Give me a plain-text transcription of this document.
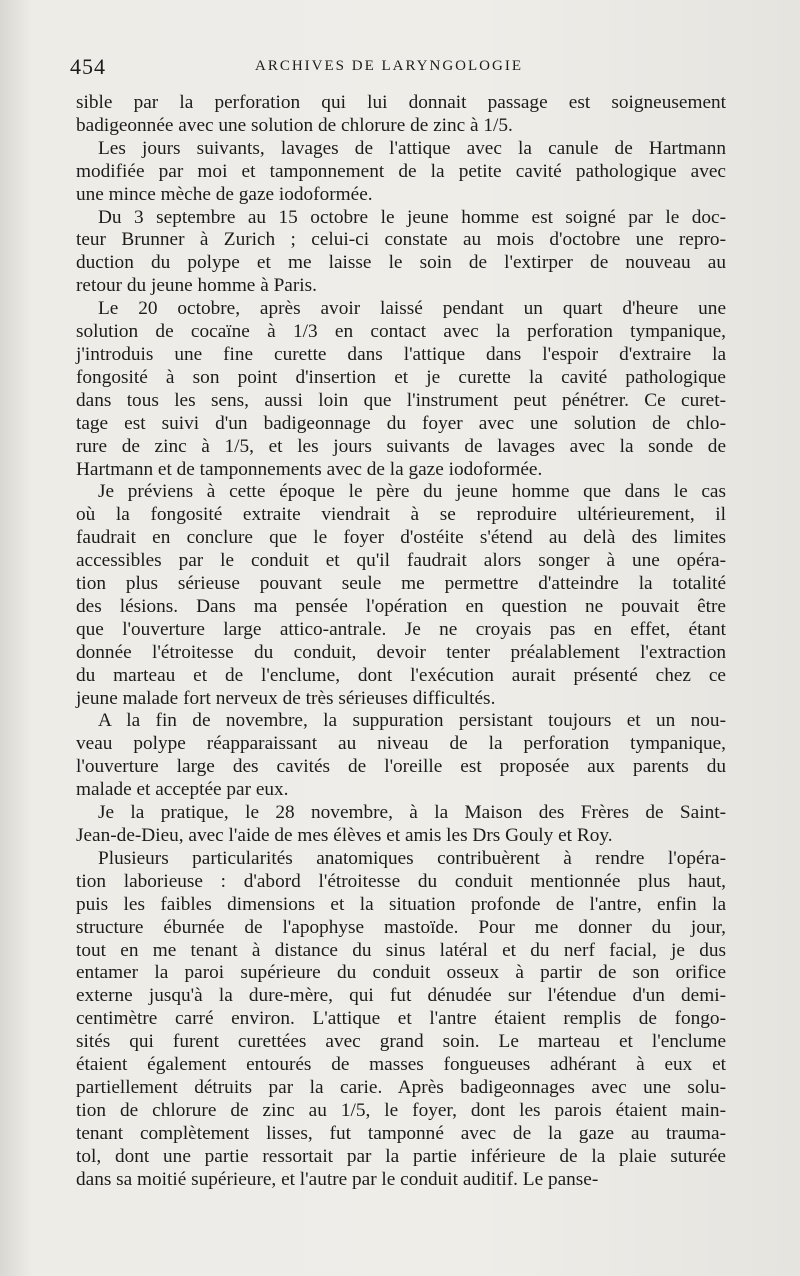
454	ARCHIVES DE LARYNGOLOGIE

sible par la perforation qui lui donnait passage est soigneusement
badigeonnée avec une solution de chlorure de zinc à 1/5.

Les jours suivants, lavages de l'attique avec la canule de Hartmann
modifiée par moi et tamponnement de la petite cavité pathologique avec
une mince mèche de gaze iodoformée.

Du 3 septembre au 15 octobre le jeune homme est soigné par le doc-
teur Brunner à Zurich ; celui-ci constate au mois d'octobre une repro-
duction du polype et me laisse le soin de l'extirper de nouveau au
retour du jeune homme à Paris.

Le 20 octobre, après avoir laissé pendant un quart d'heure une
solution de cocaïne à 1/3 en contact avec la perforation tympanique,
j'introduis une fine curette dans l'attique dans l'espoir d'extraire la
fongosité à son point d'insertion et je curette la cavité pathologique
dans tous les sens, aussi loin que l'instrument peut pénétrer. Ce curet-
tage est suivi d'un badigeonnage du foyer avec une solution de chlo-
rure de zinc à 1/5, et les jours suivants de lavages avec la sonde de
Hartmann et de tamponnements avec de la gaze iodoformée.

Je préviens à cette époque le père du jeune homme que dans le cas
où la fongosité extraite viendrait à se reproduire ultérieurement, il
faudrait en conclure que le foyer d'ostéite s'étend au delà des limites
accessibles par le conduit et qu'il faudrait alors songer à une opéra-
tion plus sérieuse pouvant seule me permettre d'atteindre la totalité
des lésions. Dans ma pensée l'opération en question ne pouvait être
que l'ouverture large attico-antrale. Je ne croyais pas en effet, étant
donnée l'étroitesse du conduit, devoir tenter préalablement l'extraction
du marteau et de l'enclume, dont l'exécution aurait présenté chez ce
jeune malade fort nerveux de très sérieuses difficultés.

A la fin de novembre, la suppuration persistant toujours et un nou-
veau polype réapparaissant au niveau de la perforation tympanique,
l'ouverture large des cavités de l'oreille est proposée aux parents du
malade et acceptée par eux.

Je la pratique, le 28 novembre, à la Maison des Frères de Saint-
Jean-de-Dieu, avec l'aide de mes élèves et amis les Drs Gouly et Roy.

Plusieurs particularités anatomiques contribuèrent à rendre l'opéra-
tion laborieuse : d'abord l'étroitesse du conduit mentionnée plus haut,
puis les faibles dimensions et la situation profonde de l'antre, enfin la
structure éburnée de l'apophyse mastoïde. Pour me donner du jour,
tout en me tenant à distance du sinus latéral et du nerf facial, je dus
entamer la paroi supérieure du conduit osseux à partir de son orifice
externe jusqu'à la dure-mère, qui fut dénudée sur l'étendue d'un demi-
centimètre carré environ. L'attique et l'antre étaient remplis de fongo-
sités qui furent curettées avec grand soin. Le marteau et l'enclume
étaient également entourés de masses fongueuses adhérant à eux et
partiellement détruits par la carie. Après badigeonnages avec une solu-
tion de chlorure de zinc au 1/5, le foyer, dont les parois étaient main-
tenant complètement lisses, fut tamponné avec de la gaze au trauma-
tol, dont une partie ressortait par la partie inférieure de la plaie suturée
dans sa moitié supérieure, et l'autre par le conduit auditif. Le panse-
